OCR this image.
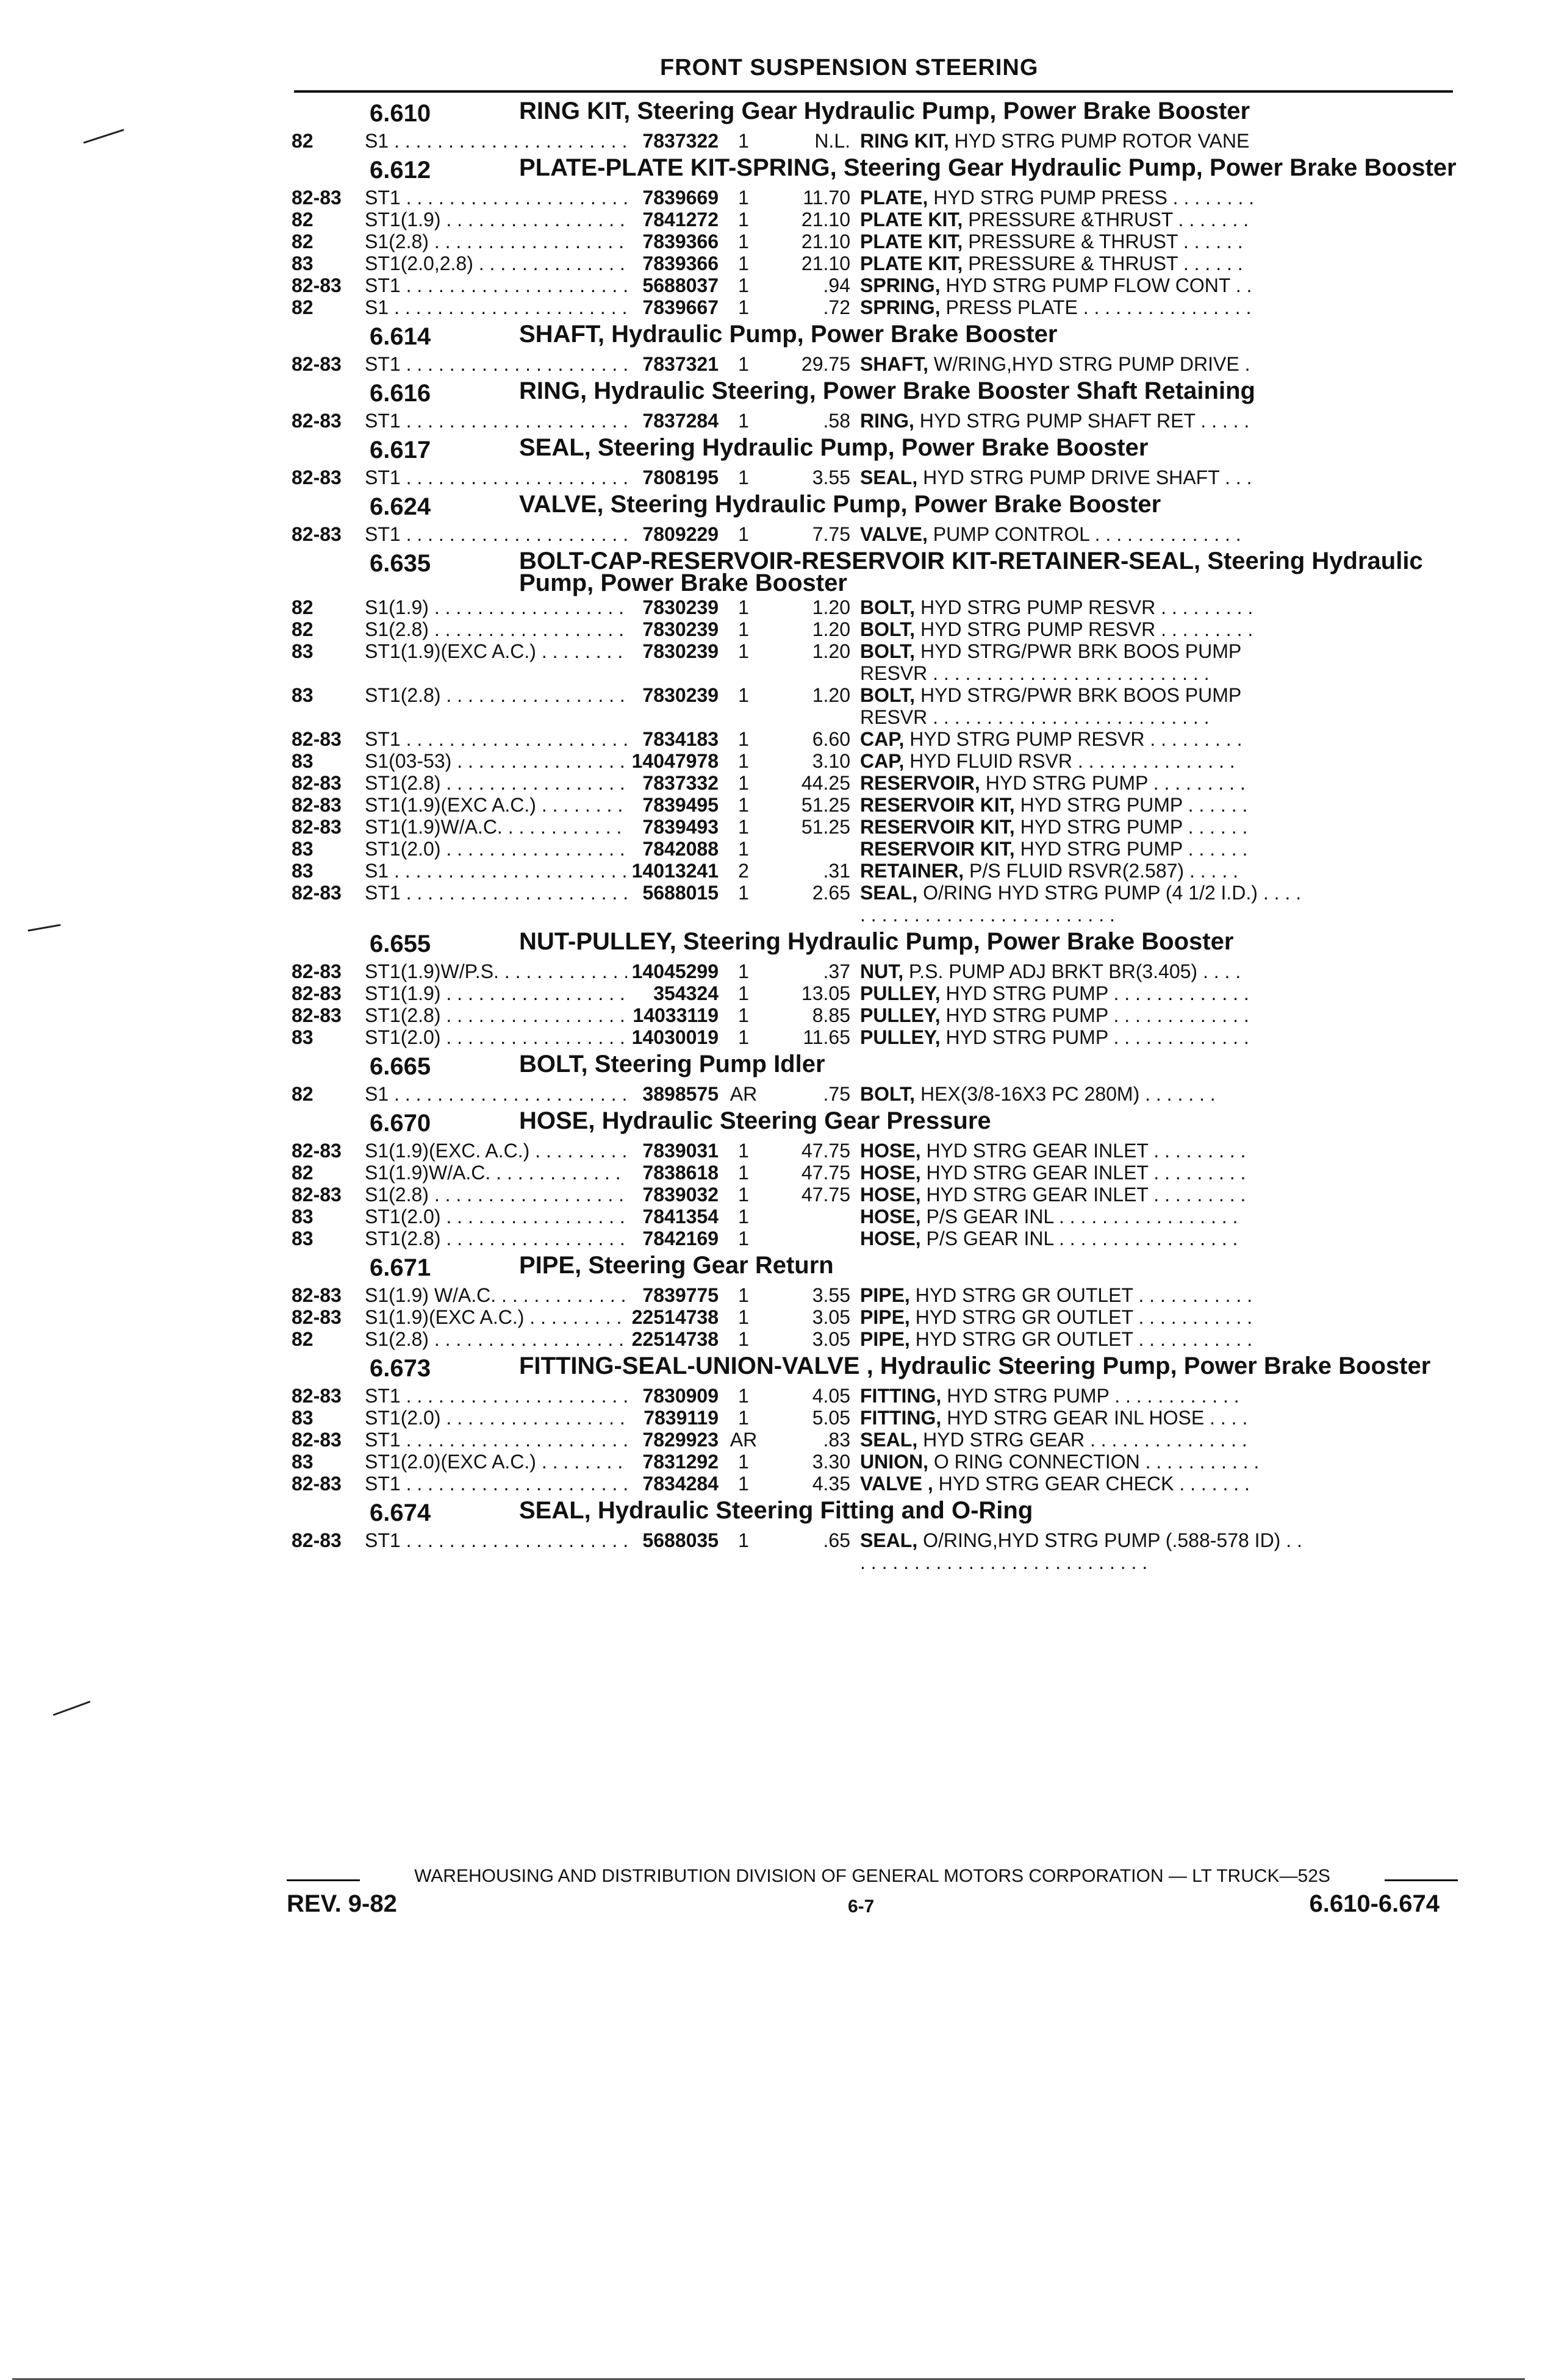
FRONT SUSPENSION STEERING
6.610	RING KIT, Steering Gear Hydraulic Pump, Power Brake Booster
82	S1 . . .	7837322	1	N.L. RING KIT, HYD STRG PUMP ROTOR VANE
6.612	PLATE-PLATE KIT-SPRING, Steering Gear Hydraulic Pump, Power Brake Booster
82-83	ST1 . . .	7839669	1	11.70 PLATE, HYD STRG PUMP PRESS . . . . . . . .
82	ST1(1.9) . . .	7841272	1	21.10 PLATE KIT, PRESSURE &THRUST . . . . . . .
82	S1(2.8) . . .	7839366	1	21.10 PLATE KIT, PRESSURE & THRUST . . . . . .
83	ST1(2.0,2.8) . . .	7839366	1	21.10 PLATE KIT, PRESSURE & THRUST . . . . . .
82-83	ST1 . . .	5688037	1	.94 SPRING, HYD STRG PUMP FLOW CONT . .
82	S1 . . .	7839667	1	.72 SPRING, PRESS PLATE . . . . . . . . . . . . . . . .
6.614	SHAFT, Hydraulic Pump, Power Brake Booster
82-83	ST1 . . .	7837321	1	29.75 SHAFT, W/RING,HYD STRG PUMP DRIVE .
6.616	RING, Hydraulic Steering, Power Brake Booster Shaft Retaining
82-83	ST1 . . .	7837284	1	.58 RING, HYD STRG PUMP SHAFT RET . . . . .
6.617	SEAL, Steering Hydraulic Pump, Power Brake Booster
82-83	ST1 . . .	7808195	1	3.55 SEAL, HYD STRG PUMP DRIVE SHAFT . . .
6.624	VALVE, Steering Hydraulic Pump, Power Brake Booster
82-83	ST1 . . .	7809229	1	7.75 VALVE, PUMP CONTROL . . . . . . . . . . . . . .
6.635	BOLT-CAP-RESERVOIR-RESERVOIR KIT-RETAINER-SEAL, Steering Hydraulic Pump, Power Brake Booster
82	S1(1.9) . . .	7830239	1	1.20 BOLT, HYD STRG PUMP RESVR . . . . . . . . .
82	S1(2.8) . . .	7830239	1	1.20 BOLT, HYD STRG PUMP RESVR . . . . . . . . .
83	ST1(1.9)(EXC A.C.) . . .	7830239	1	1.20 BOLT, HYD STRG/PWR BRK BOOS PUMP RESVR . . . . . . . . . . . . . . . . . . . . . . . . . .
83	ST1(2.8) . . .	7830239	1	1.20 BOLT, HYD STRG/PWR BRK BOOS PUMP RESVR . . . . . . . . . . . . . . . . . . . . . . . . . .
82-83	ST1 . . .	7834183	1	6.60 CAP, HYD STRG PUMP RESVR . . . . . . . . .
83	S1(03-53) . . .	14047978	1	3.10 CAP, HYD FLUID RSVR . . . . . . . . . . . . . . .
82-83	ST1(2.8) . . .	7837332	1	44.25 RESERVOIR, HYD STRG PUMP . . . . . . . . .
82-83	ST1(1.9)(EXC A.C.) . . .	7839495	1	51.25 RESERVOIR KIT, HYD STRG PUMP . . . . . .
82-83	ST1(1.9)W/A.C. . . .	7839493	1	51.25 RESERVOIR KIT, HYD STRG PUMP . . . . . .
83	ST1(2.0) . . .	7842088	1	RESERVOIR KIT, HYD STRG PUMP . . . . . .
83	S1 . . .	14013241	2	.31 RETAINER, P/S FLUID RSVR(2.587) . . . . .
82-83	ST1 . . .	5688015	1	2.65 SEAL, O/RING HYD STRG PUMP (4 1/2 I.D.) . . . . . . . . . . . . . . . . . . . . . . . . . . . .
6.655	NUT-PULLEY, Steering Hydraulic Pump, Power Brake Booster
82-83	ST1(1.9)W/P.S. . . .	14045299	1	.37 NUT, P.S. PUMP ADJ BRKT BR(3.405) . . . .
82-83	ST1(1.9) . . .	354324	1	13.05 PULLEY, HYD STRG PUMP . . . . . . . . . . . . .
82-83	ST1(2.8) . . .	14033119	1	8.85 PULLEY, HYD STRG PUMP . . . . . . . . . . . . .
83	ST1(2.0) . . .	14030019	1	11.65 PULLEY, HYD STRG PUMP . . . . . . . . . . . . .
6.665	BOLT, Steering Pump Idler
82	S1 . . .	3898575 AR	.75 BOLT, HEX(3/8-16X3 PC 280M) . . . . . . .
6.670	HOSE, Hydraulic Steering Gear Pressure
82-83	S1(1.9)(EXC. A.C.) . . .	7839031	1	47.75 HOSE, HYD STRG GEAR INLET . . . . . . . . .
82	S1(1.9)W/A.C. . . .	7838618	1	47.75 HOSE, HYD STRG GEAR INLET . . . . . . . . .
82-83	S1(2.8) . . .	7839032	1	47.75 HOSE, HYD STRG GEAR INLET . . . . . . . . .
83	ST1(2.0) . . .	7841354	1	HOSE, P/S GEAR INL . . . . . . . . . . . . . . . . .
83	ST1(2.8) . . .	7842169	1	HOSE, P/S GEAR INL . . . . . . . . . . . . . . . . .
6.671	PIPE, Steering Gear Return
82-83	S1(1.9) W/A.C. . . .	7839775	1	3.55 PIPE, HYD STRG GR OUTLET . . . . . . . . . . .
82-83	S1(1.9)(EXC A.C.) . . .	22514738	1	3.05 PIPE, HYD STRG GR OUTLET . . . . . . . . . . .
82	S1(2.8) . . .	22514738	1	3.05 PIPE, HYD STRG GR OUTLET . . . . . . . . . . .
6.673	FITTING-SEAL-UNION-VALVE , Hydraulic Steering Pump, Power Brake Booster
82-83	ST1 . . .	7830909	1	4.05 FITTING, HYD STRG PUMP . . . . . . . . . . . .
83	ST1(2.0) . . .	7839119	1	5.05 FITTING, HYD STRG GEAR INL HOSE . . . .
82-83	ST1 . . .	7829923 AR	.83 SEAL, HYD STRG GEAR . . . . . . . . . . . . . . .
83	ST1(2.0)(EXC A.C.) . . .	7831292	1	3.30 UNION, O RING CONNECTION . . . . . . . . . . .
82-83	ST1 . . .	7834284	1	4.35 VALVE , HYD STRG GEAR CHECK . . . . . . .
6.674	SEAL, Hydraulic Steering Fitting and O-Ring
82-83	ST1 . . .	5688035	1	.65 SEAL, O/RING,HYD STRG PUMP (.588-578 ID) . . . . . . . . . . . . . . . . . . . . . . . . . . . . .
WAREHOUSING AND DISTRIBUTION DIVISION OF GENERAL MOTORS CORPORATION — LT TRUCK—52S
REV. 9-82	6-7	6.610-6.674
